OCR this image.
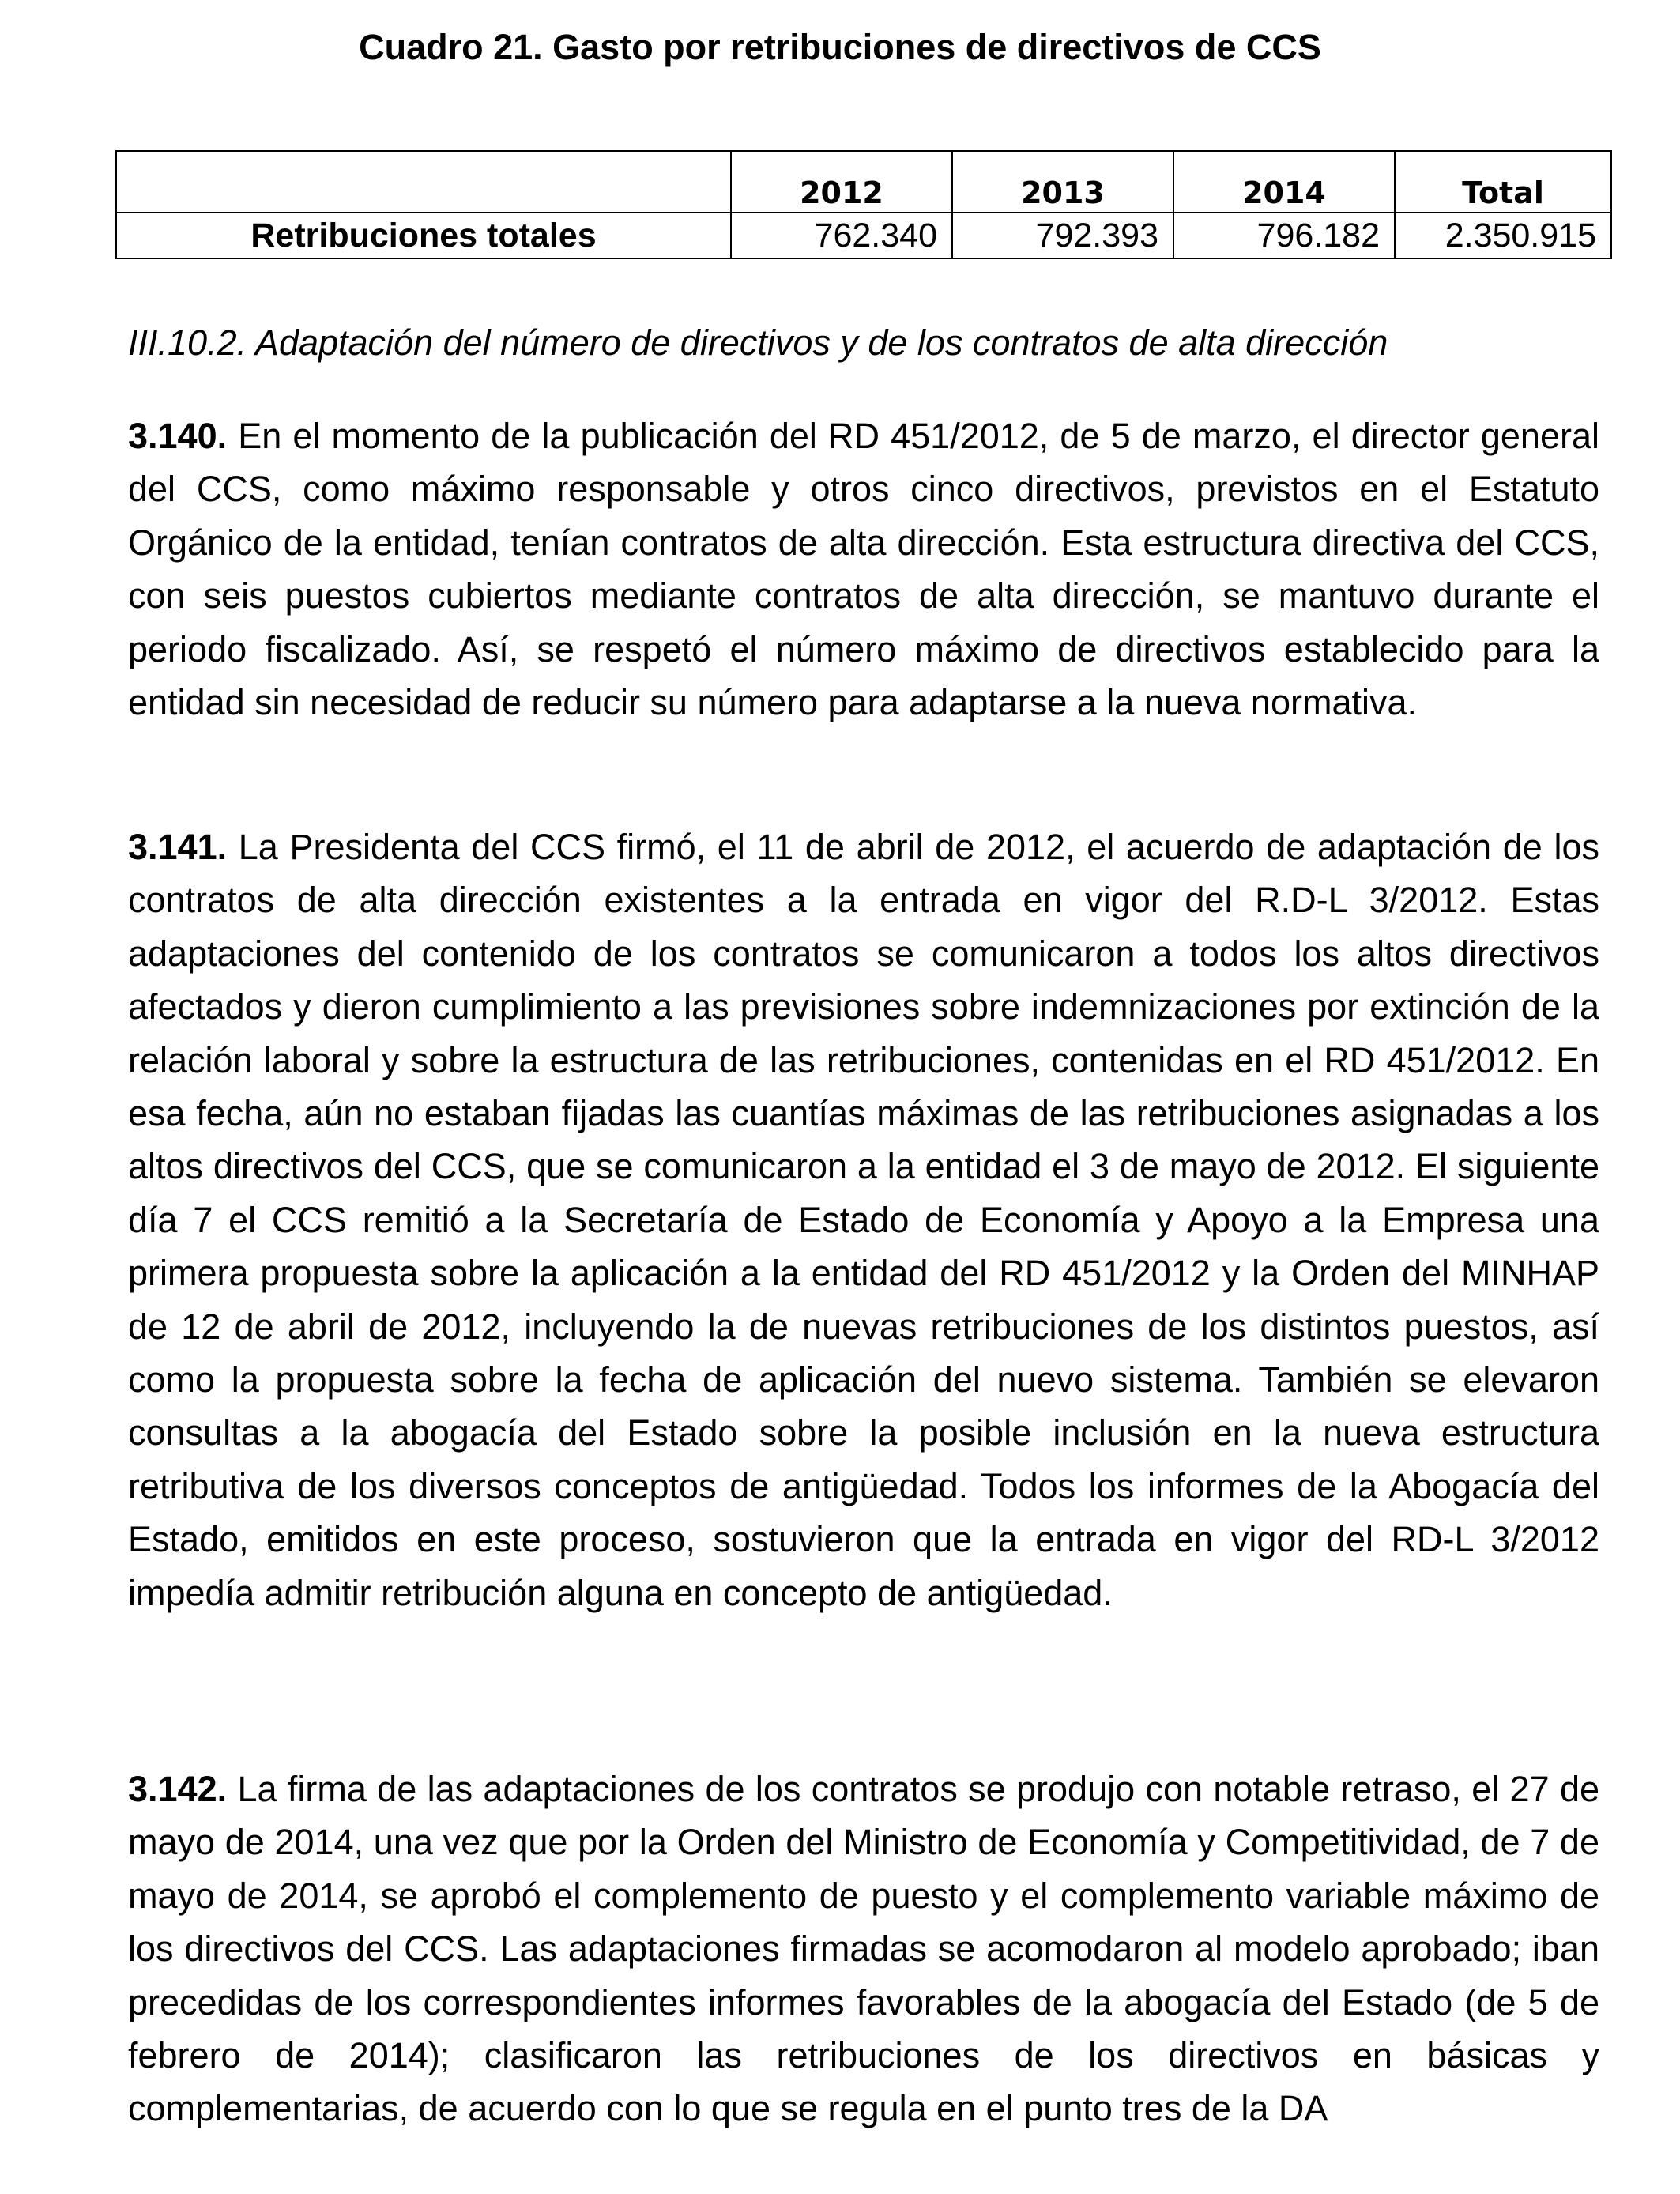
Cuadro 21. Gasto por retribuciones de directivos de CCS
	2012	2013	2014	Total
Retribuciones totales	762.340	792.393	796.182	2.350.915

III.10.2. Adaptación del número de directivos y de los contratos de alta dirección

3.140. En el momento de la publicación del RD 451/2012, de 5 de marzo, el director general del CCS, como máximo responsable y otros cinco directivos, previstos en el Estatuto Orgánico de la entidad, tenían contratos de alta dirección. Esta estructura directiva del CCS, con seis puestos cubiertos mediante contratos de alta dirección, se mantuvo durante el periodo fiscalizado. Así, se respetó el número máximo de directivos establecido para la entidad sin necesidad de reducir su número para adaptarse a la nueva normativa.

3.141. La Presidenta del CCS firmó, el 11 de abril de 2012, el acuerdo de adaptación de los contratos de alta dirección existentes a la entrada en vigor del R.D-L 3/2012. Estas adaptaciones del contenido de los contratos se comunicaron a todos los altos directivos afectados y dieron cumplimiento a las previsiones sobre indemnizaciones por extinción de la relación laboral y sobre la estructura de las retribuciones, contenidas en el RD 451/2012. En esa fecha, aún no estaban fijadas las cuantías máximas de las retribuciones asignadas a los altos directivos del CCS, que se comunicaron a la entidad el 3 de mayo de 2012. El siguiente día 7 el CCS remitió a la Secretaría de Estado de Economía y Apoyo a la Empresa una primera propuesta sobre la aplicación a la entidad del RD 451/2012 y la Orden del MINHAP de 12 de abril de 2012, incluyendo la de nuevas retribuciones de los distintos puestos, así como la propuesta sobre la fecha de aplicación del nuevo sistema. También se elevaron consultas a la abogacía del Estado sobre la posible inclusión en la nueva estructura retributiva de los diversos conceptos de antigüedad. Todos los informes de la Abogacía del Estado, emitidos en este proceso, sostuvieron que la entrada en vigor del RD-L 3/2012 impedía admitir retribución alguna en concepto de antigüedad.

3.142. La firma de las adaptaciones de los contratos se produjo con notable retraso, el 27 de mayo de 2014, una vez que por la Orden del Ministro de Economía y Competitividad, de 7 de mayo de 2014, se aprobó el complemento de puesto y el complemento variable máximo de los directivos del CCS. Las adaptaciones firmadas se acomodaron al modelo aprobado; iban precedidas de los correspondientes informes favorables de la abogacía del Estado (de 5 de febrero de 2014); clasificaron las retribuciones de los directivos en básicas y complementarias, de acuerdo con lo que se regula en el punto tres de la DA
